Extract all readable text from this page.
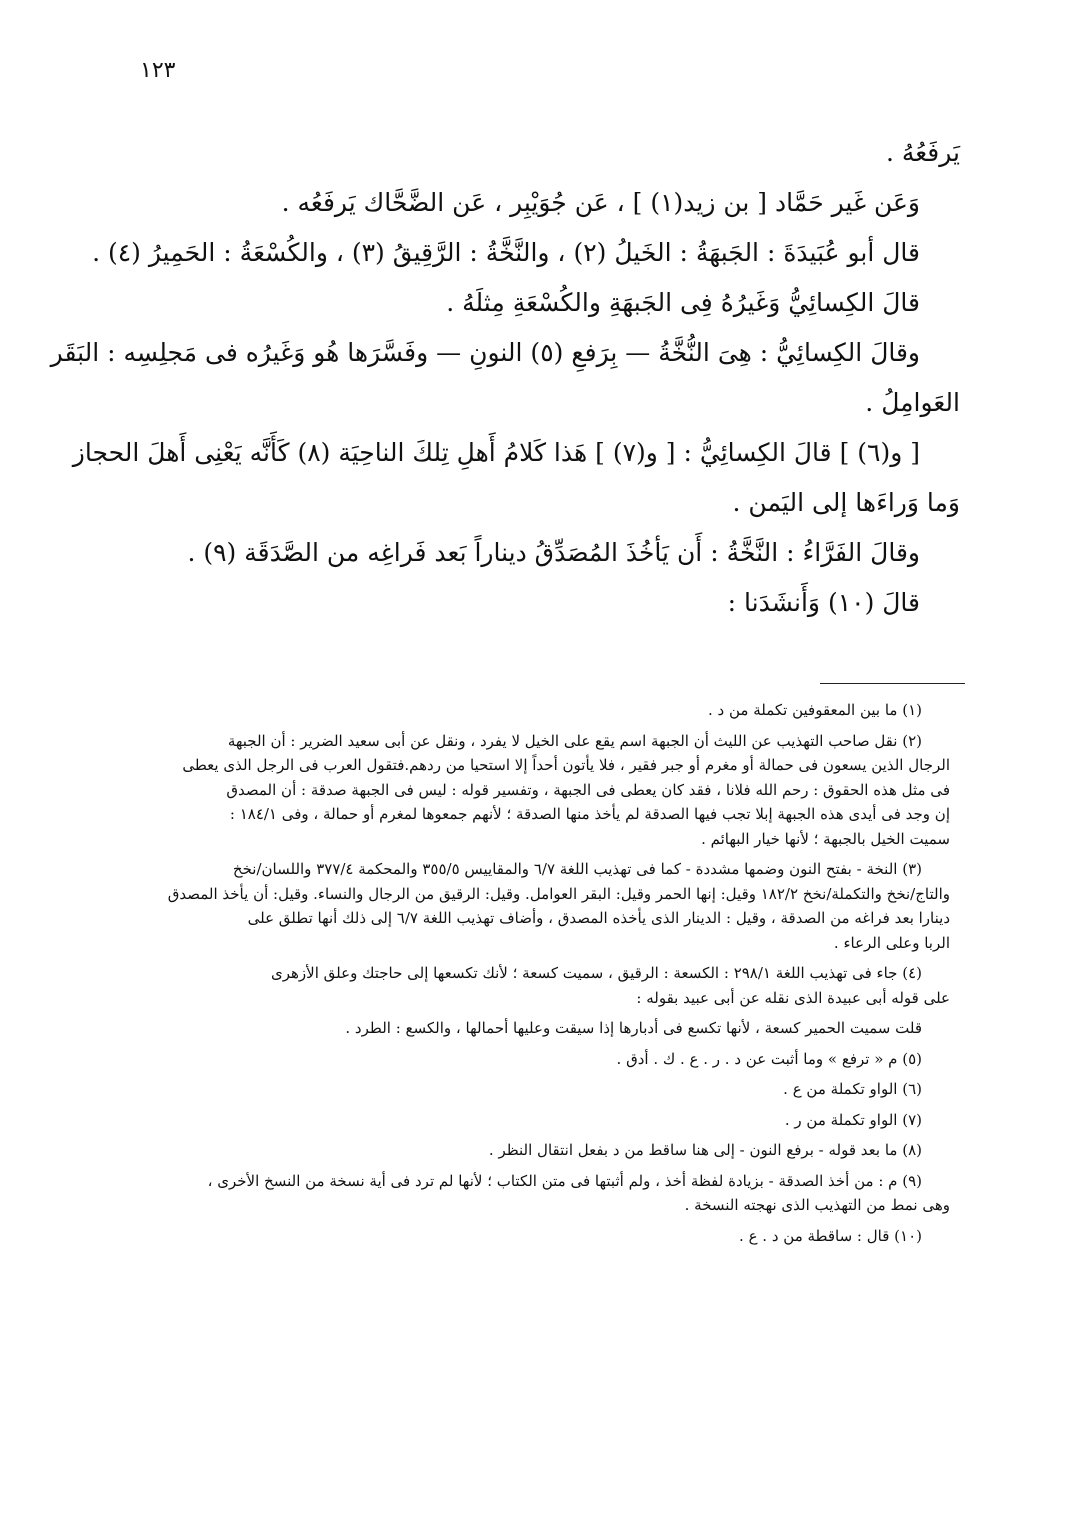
١٢٣
يَرفَعُهُ .
وَعَن غَير حَمَّاد [ بن زيد(١) ] ، عَن جُوَيْبِر ، عَن الضَّحَّاك يَرفَعُه .
قال أبو عُبَيدَةَ : الجَبهَةُ : الخَيلُ (٢) ، والنَّخَّةُ : الرَّقِيقُ (٣) ، والكُسْعَةُ : الحَمِيرُ (٤) .
قالَ الكِسائِيُّ وَغَيرُهُ فِى الجَبهَةِ والكُسْعَةِ مِثلَهُ .
وقالَ الكِسائِيُّ : هِىَ النُّخَّةُ — بِرَفعِ (٥) النونِ — وفَسَّرَها هُو وَغَيرُه فى مَجلِسِه : البَقَر
العَوامِلُ .
[ و(٦) ] قالَ الكِسائِيُّ : [ و(٧) ] هَذا كَلامُ أَهلِ تِلكَ الناحِيَة (٨) كَأَنَّه يَعْنِى أَهلَ الحجاز
وَما وَراءَها إلى اليَمن .
وقالَ الفَرَّاءُ : النَّخَّةُ : أَن يَأخُذَ المُصَدِّقُ ديناراً بَعد فَراغِه من الصَّدَقَة (٩) .
قالَ (١٠) وَأَنشَدَنا :
(١) ما بين المعقوفين تكملة من د .
(٢) نقل صاحب التهذيب عن الليث أن الجبهة اسم يقع على الخيل لا يفرد ، ونقل عن أبى سعيد الضرير : أن الجبهة
الرجال الذين يسعون فى حمالة أو مغرم أو جبر فقير ، فلا يأتون أحداً إلا استحيا من ردهم.فتقول العرب فى الرجل الذى يعطى
فى مثل هذه الحقوق : رحم الله فلانا ، فقد كان يعطى فى الجبهة ، وتفسير قوله : ليس فى الجبهة صدقة : أن المصدق
إن وجد فى أيدى هذه الجبهة إبلا تجب فيها الصدقة لم يأخذ منها الصدقة ؛ لأنهم جمعوها لمغرم أو حمالة ، وفى ١٨٤/١ :
سميت الخيل بالجبهة ؛ لأنها خيار البهائم .
(٣) النخة - بفتح النون وضمها مشددة - كما فى تهذيب اللغة ٦/٧ والمقاييس ٣٥٥/٥ والمحكمة ٣٧٧/٤ واللسان/نخخ
والتاج/نخخ والتكملة/نخخ ١٨٢/٢ وقيل: إنها الحمر وقيل: البقر العوامل. وقيل: الرقيق من الرجال والنساء. وقيل: أن يأخذ المصدق
دينارا بعد فراغه من الصدقة ، وقيل : الدينار الذى يأخذه المصدق ، وأضاف تهذيب اللغة ٦/٧ إلى ذلك أنها تطلق على
الربا وعلى الرعاء .
(٤) جاء فى تهذيب اللغة ٢٩٨/١ : الكسعة : الرقيق ، سميت كسعة ؛ لأنك تكسعها إلى حاجتك وعلق الأزهرى
على قوله أبى عبيدة الذى نقله عن أبى عبيد بقوله :
قلت سميت الحمير كسعة ، لأنها تكسع فى أدبارها إذا سيقت وعليها أحمالها ، والكسع : الطرد .
(٥) م « ترفع » وما أثبت عن د . ر . ع . ك . أدق .
(٦) الواو تكملة من ع .
(٧) الواو تكملة من ر .
(٨) ما بعد قوله - برفع النون - إلى هنا ساقط من د بفعل انتقال النظر .
(٩) م : من أخذ الصدقة - بزيادة لفظة أخذ ، ولم أثبتها فى متن الكتاب ؛ لأنها لم ترد فى أية نسخة من النسخ الأخرى ،
وهى نمط من التهذيب الذى نهجته النسخة .
(١٠) قال : ساقطة من د . ع .
